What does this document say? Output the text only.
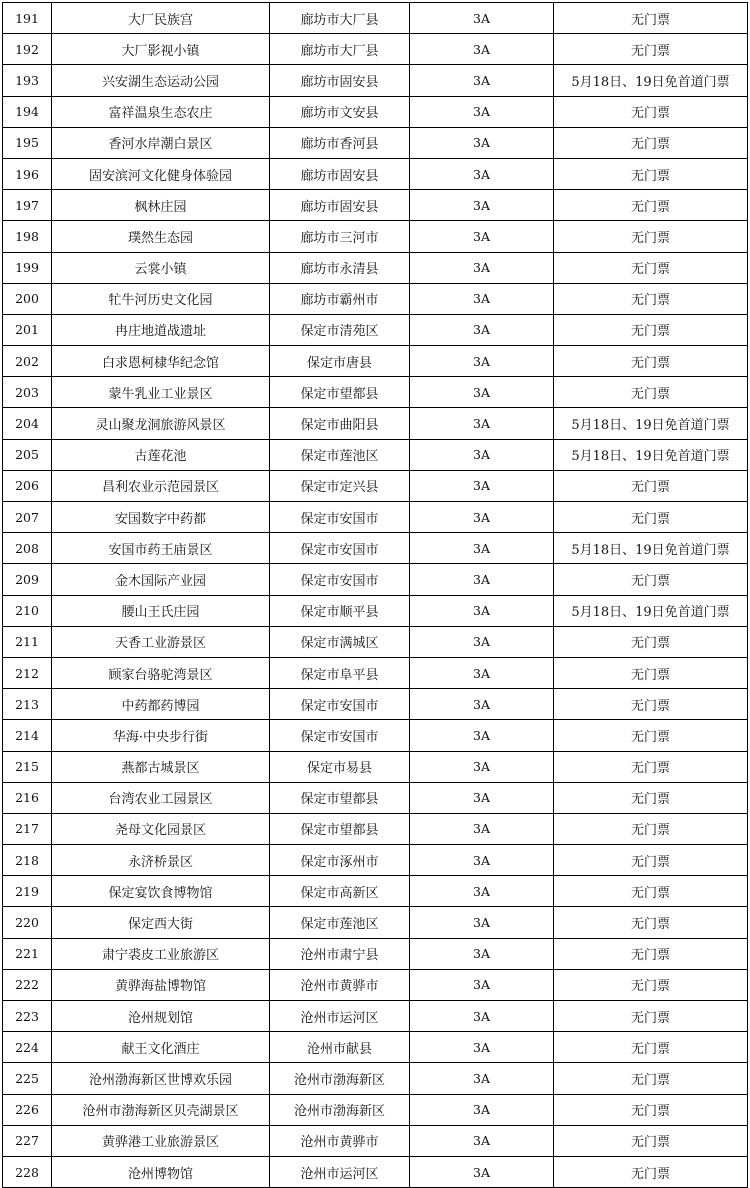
191	大厂民族宫	廊坊市大厂县	3A	无门票
192	大厂影视小镇	廊坊市大厂县	3A	无门票
193	兴安湖生态运动公园	廊坊市固安县	3A	5月18日、19日免首道门票
194	富祥温泉生态农庄	廊坊市文安县	3A	无门票
195	香河水岸潮白景区	廊坊市香河县	3A	无门票
196	固安滨河文化健身体验园	廊坊市固安县	3A	无门票
197	枫林庄园	廊坊市固安县	3A	无门票
198	璞然生态园	廊坊市三河市	3A	无门票
199	云裳小镇	廊坊市永清县	3A	无门票
200	牤牛河历史文化园	廊坊市霸州市	3A	无门票
201	冉庄地道战遗址	保定市清苑区	3A	无门票
202	白求恩柯棣华纪念馆	保定市唐县	3A	无门票
203	蒙牛乳业工业景区	保定市望都县	3A	无门票
204	灵山聚龙洞旅游风景区	保定市曲阳县	3A	5月18日、19日免首道门票
205	古莲花池	保定市莲池区	3A	5月18日、19日免首道门票
206	昌利农业示范园景区	保定市定兴县	3A	无门票
207	安国数字中药都	保定市安国市	3A	无门票
208	安国市药王庙景区	保定市安国市	3A	5月18日、19日免首道门票
209	金木国际产业园	保定市安国市	3A	无门票
210	腰山王氏庄园	保定市顺平县	3A	5月18日、19日免首道门票
211	天香工业游景区	保定市满城区	3A	无门票
212	顾家台骆驼湾景区	保定市阜平县	3A	无门票
213	中药都药博园	保定市安国市	3A	无门票
214	华海·中央步行街	保定市安国市	3A	无门票
215	燕都古城景区	保定市易县	3A	无门票
216	台湾农业工园景区	保定市望都县	3A	无门票
217	尧母文化园景区	保定市望都县	3A	无门票
218	永济桥景区	保定市涿州市	3A	无门票
219	保定宴饮食博物馆	保定市高新区	3A	无门票
220	保定西大街	保定市莲池区	3A	无门票
221	肃宁裘皮工业旅游区	沧州市肃宁县	3A	无门票
222	黄骅海盐博物馆	沧州市黄骅市	3A	无门票
223	沧州规划馆	沧州市运河区	3A	无门票
224	献王文化酒庄	沧州市献县	3A	无门票
225	沧州渤海新区世博欢乐园	沧州市渤海新区	3A	无门票
226	沧州市渤海新区贝壳湖景区	沧州市渤海新区	3A	无门票
227	黄骅港工业旅游景区	沧州市黄骅市	3A	无门票
228	沧州博物馆	沧州市运河区	3A	无门票
